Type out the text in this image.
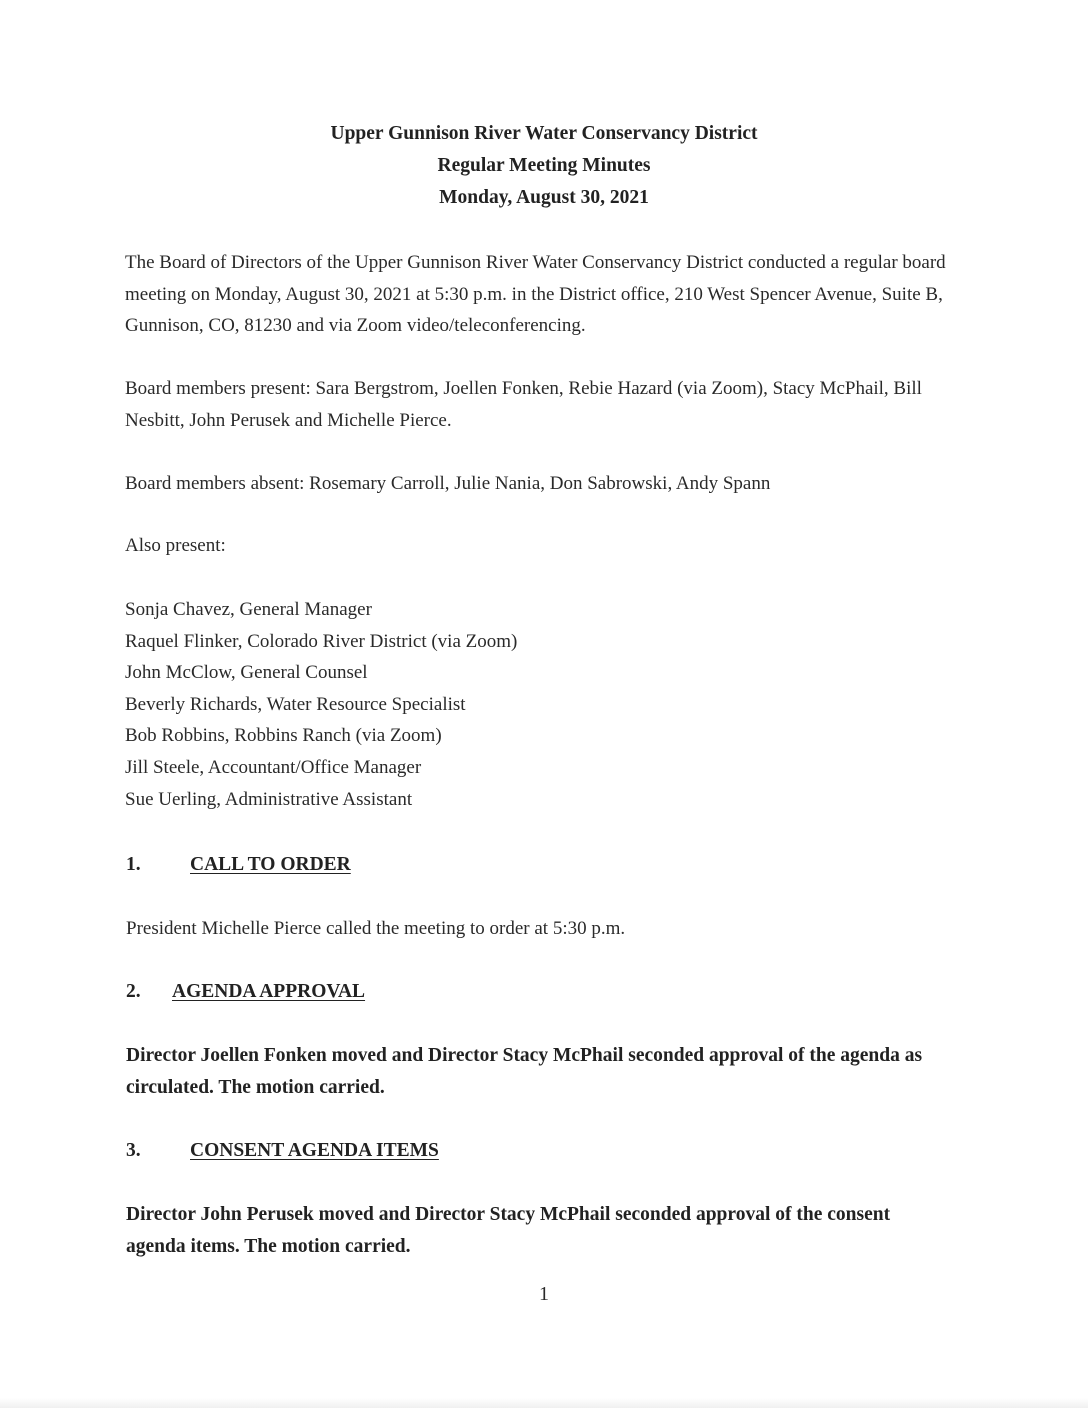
Upper Gunnison River Water Conservancy District
Regular Meeting Minutes
Monday, August 30, 2021
The Board of Directors of the Upper Gunnison River Water Conservancy District conducted a regular board meeting on Monday, August 30, 2021 at 5:30 p.m. in the District office, 210 West Spencer Avenue, Suite B, Gunnison, CO, 81230 and via Zoom video/teleconferencing.
Board members present: Sara Bergstrom, Joellen Fonken, Rebie Hazard (via Zoom), Stacy McPhail, Bill Nesbitt, John Perusek and Michelle Pierce.
Board members absent: Rosemary Carroll, Julie Nania, Don Sabrowski, Andy Spann
Also present:
Sonja Chavez, General Manager
Raquel Flinker, Colorado River District (via Zoom)
John McClow, General Counsel
Beverly Richards, Water Resource Specialist
Bob Robbins, Robbins Ranch (via Zoom)
Jill Steele, Accountant/Office Manager
Sue Uerling, Administrative Assistant
1.	CALL TO ORDER
President Michelle Pierce called the meeting to order at 5:30 p.m.
2. AGENDA APPROVAL
Director Joellen Fonken moved and Director Stacy McPhail seconded approval of the agenda as circulated. The motion carried.
3.	CONSENT AGENDA ITEMS
Director John Perusek moved and Director Stacy McPhail seconded approval of the consent agenda items. The motion carried.
1
